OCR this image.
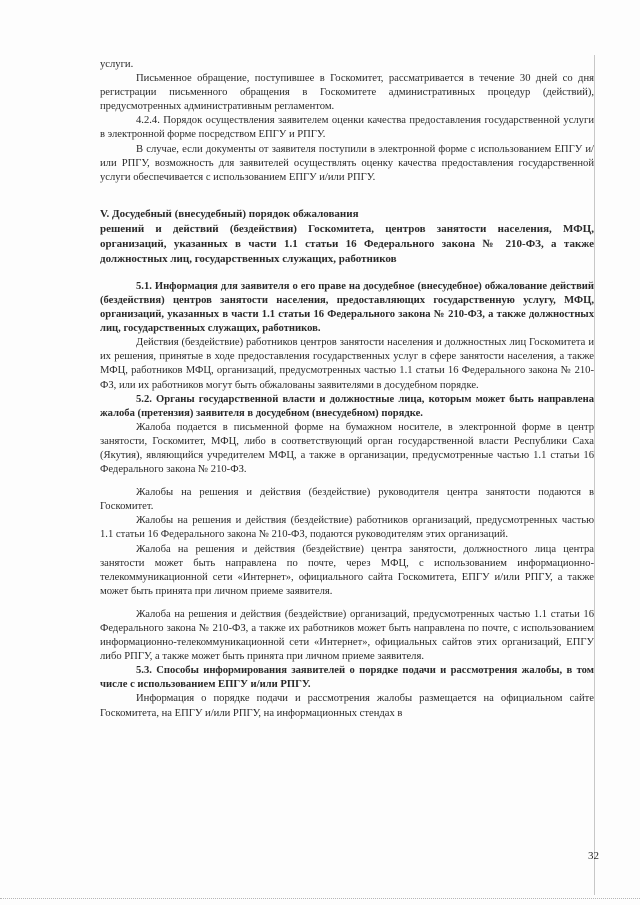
услуги.

Письменное обращение, поступившее в Госкомитет, рассматривается в течение 30 дней со дня регистрации письменного обращения в Госкомитете административных процедур (действий), предусмотренных административным регламентом.

4.2.4. Порядок осуществления заявителем оценки качества предоставления государственной услуги в электронной форме посредством ЕПГУ и РПГУ.

В случае, если документы от заявителя поступили в электронной форме с использованием ЕПГУ и/или РПГУ, возможность для заявителей осуществлять оценку качества предоставления государственной услуги обеспечивается с использованием ЕПГУ и/или РПГУ.

V. Досудебный (внесудебный) порядок обжалования

решений и действий (бездействия) Госкомитета, центров занятости населения, МФЦ, организаций, указанных в части 1.1 статьи 16 Федерального закона № 210-ФЗ, а также должностных лиц, государственных служащих, работников

5.1. Информация для заявителя о его праве на досудебное (внесудебное) обжалование действий (бездействия) центров занятости населения, предоставляющих государственную услугу, МФЦ, организаций, указанных в части 1.1 статьи 16 Федерального закона № 210-ФЗ, а также должностных лиц, государственных служащих, работников.

Действия (бездействие) работников центров занятости населения и должностных лиц Госкомитета и их решения, принятые в ходе предоставления государственных услуг в сфере занятости населения, а также МФЦ, работников МФЦ, организаций, предусмотренных частью 1.1 статьи 16 Федерального закона № 210-ФЗ, или их работников могут быть обжалованы заявителями в досудебном порядке.

5.2. Органы государственной власти и должностные лица, которым может быть направлена жалоба (претензия) заявителя в досудебном (внесудебном) порядке.

Жалоба подается в письменной форме на бумажном носителе, в электронной форме в центр занятости, Госкомитет, МФЦ, либо в соответствующий орган государственной власти Республики Саха (Якутия), являющийся учредителем МФЦ, а также в организации, предусмотренные частью 1.1 статьи 16 Федерального закона № 210-ФЗ.

Жалобы на решения и действия (бездействие) руководителя центра занятости подаются в Госкомитет.

Жалобы на решения и действия (бездействие) работников организаций, предусмотренных частью 1.1 статьи 16 Федерального закона № 210-ФЗ, подаются руководителям этих организаций.

Жалоба на решения и действия (бездействие) центра занятости, должностного лица центра занятости может быть направлена по почте, через МФЦ, с использованием информационно-телекоммуникационной сети «Интернет», официального сайта Госкомитета, ЕПГУ и/или РПГУ, а также может быть принята при личном приеме заявителя.

Жалоба на решения и действия (бездействие) организаций, предусмотренных частью 1.1 статьи 16 Федерального закона № 210-ФЗ, а также их работников может быть направлена по почте, с использованием информационно-телекоммуникационной сети «Интернет», официальных сайтов этих организаций, ЕПГУ либо РПГУ, а также может быть принята при личном приеме заявителя.

5.3. Способы информирования заявителей о порядке подачи и рассмотрения жалобы, в том числе с использованием ЕПГУ и/или РПГУ.

Информация о порядке подачи и рассмотрения жалобы размещается на официальном сайте Госкомитета, на ЕПГУ и/или РПГУ, на информационных стендах в

32
